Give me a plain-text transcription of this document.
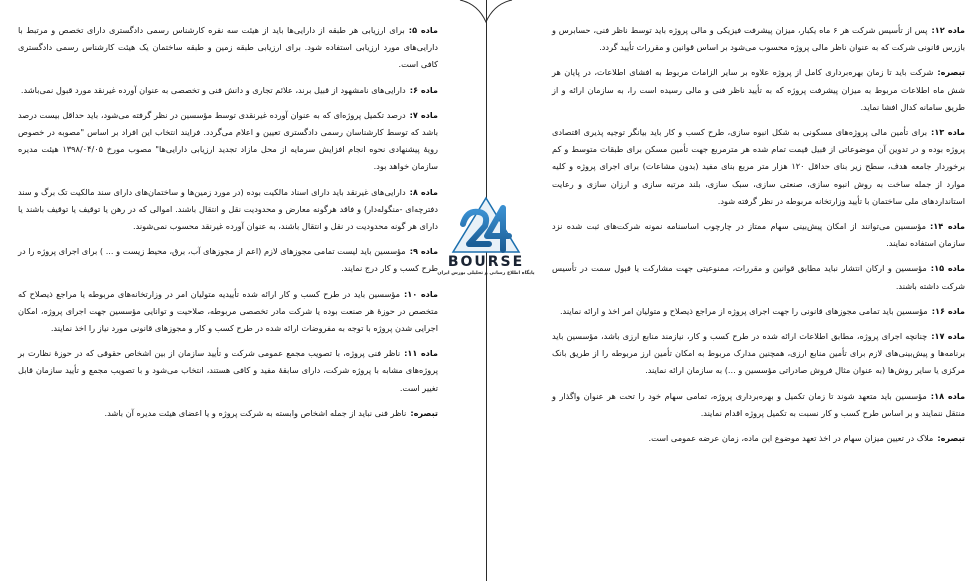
ماده ۱۲:پس از تأسیس شرکت هر ۶ ماه یکبار، میزان پیشرفت فیزیکی و مالی پروژه باید توسط ناظر فنی، حسابرس و بازرس قانونی شرکت که به عنوان ناظر مالی پروژه محسوب می‌شود بر اساس قوانین و مقررات تأیید گردد.

تبصره:شرکت باید تا زمان بهره‌برداری کامل از پروژه علاوه بر سایر الزامات مربوط به افشای اطلاعات، در پایان هر شش ماه اطلاعات مربوط به میزان پیشرفت پروژه که به تأیید ناظر فنی و مالی رسیده است را، به سازمان ارائه و از طریق سامانه کدال افشا نماید.

ماده ۱۳:برای تأمین مالی پروژه‌های مسکونی به شکل انبوه سازی، طرح کسب و کار باید بیانگر توجیه پذیری اقتصادی پروژه بوده و در تدوین آن موضوعاتی از قبیل قیمت تمام شده هر مترمربع جهت تأمین مسکن برای طبقات متوسط و کم برخوردار جامعه هدف، سطح زیر بنای حداقل ۱۲۰ هزار متر مربع بنای مفید (بدون مشاعات) برای اجرای پروژه و کلیه موارد از جمله ساخت به روش انبوه سازی، صنعتی سازی، سبک سازی، بلند مرتبه سازی و ارزان سازی و رعایت استانداردهای ملی ساختمان با تأیید وزارتخانه مربوطه در نظر گرفته شود.

ماده ۱۴:مؤسسین می‌توانند از امکان پیش‌بینی سهام ممتاز در چارچوب اساسنامه نمونه شرکت‌های ثبت شده نزد سازمان استفاده نمایند.

ماده ۱۵:مؤسسین و ارکان انتشار نباید مطابق قوانین و مقررات، ممنوعیتی جهت مشارکت یا قبول سمت در تأسیس شرکت داشته باشند.

ماده ۱۶:مؤسسین باید تمامی مجوزهای قانونی را جهت اجرای پروژه از مراجع ذیصلاح و متولیان امر اخذ و ارائه نمایند.

ماده ۱۷:چنانچه اجرای پروژه، مطابق اطلاعات ارائه شده در طرح کسب و کار، نیازمند منابع ارزی باشد، مؤسسین باید برنامه‌ها و پیش‌بینی‌های لازم برای تأمین منابع ارزی، همچنین مدارک مربوط به امکان تأمین ارز مربوطه را از طریق بانک مرکزی یا سایر روش‌ها (به عنوان مثال فروش صادراتی مؤسسین و ...) به سازمان ارائه نمایند.

ماده ۱۸:مؤسسین باید متعهد شوند تا زمان تکمیل و بهره‌برداری پروژه، تمامی سهام خود را تحت هر عنوان واگذار و منتقل ننمایند و بر اساس طرح کسب و کار نسبت به تکمیل پروژه اقدام نمایند.

تبصره:ملاک در تعیین میزان سهام در اخذ تعهد موضوع این ماده، زمان عرضه عمومی است.

BOURSE
پایگاه اطلاع رسانی و تحلیلی بورس ایران

ماده ۵:برای ارزیابی هر طبقه از دارایی‌ها باید از هیئت سه نفره کارشناس رسمی دادگستری دارای تخصص و مرتبط با دارایی‌های مورد ارزیابی استفاده شود. برای ارزیابی طبقه زمین و طبقه ساختمان یک هیئت کارشناس رسمی دادگستری کافی است.

ماده ۶:دارایی‌های نامشهود از قبیل برند، علائم تجاری و دانش فنی و تخصصی به عنوان آورده غیرنقد مورد قبول نمی‌باشد.

ماده ۷:درصد تکمیل پروژه‌ای که به عنوان آورده غیرنقدی توسط مؤسسین در نظر گرفته می‌شود، باید حداقل بیست درصد باشد که توسط کارشناسان رسمی دادگستری تعیین و اعلام می‌گردد. فرایند انتخاب این افراد بر اساس "مصوبه در خصوص رویهٔ پیشنهادی نحوه انجام افزایش سرمایه از محل مازاد تجدید ارزیابی دارایی‌ها" مصوب مورخ ۱۳۹۸/۰۴/۰۵ هیئت مدیره سازمان خواهد بود.

ماده ۸:دارایی‌های غیرنقد باید دارای اسناد مالکیت بوده (در مورد زمین‌ها و ساختمان‌های دارای سند مالکیت تک برگ و سند دفترچه‌ای -منگوله‌دار) و فاقد هرگونه معارض و محدودیت نقل و انتقال باشند. اموالی که در رهن یا توقیف یا توقیف باشند یا دارای هر گونه محدودیت در نقل و انتقال باشند، به عنوان آورده غیرنقد محسوب نمی‌شوند.

ماده ۹:مؤسسین باید لیست تمامی مجوزهای لازم (اعم از مجوزهای آب، برق، محیط زیست و ... ) برای اجرای پروژه را در طرح کسب و کار درج نمایند.

ماده ۱۰:مؤسسین باید در طرح کسب و کار ارائه شده تأییدیه متولیان امر در وزارتخانه‌های مربوطه یا مراجع ذیصلاح که متخصص در حوزهٔ هر صنعت بوده یا شرکت مادر تخصصی مربوطه، صلاحیت و توانایی مؤسسین جهت اجرای پروژه، امکان اجرایی شدن پروژه با توجه به مفروضات ارائه شده در طرح کسب و کار و مجوزهای قانونی مورد نیاز را اخذ نمایند.

ماده ۱۱:ناظر فنی پروژه، با تصویب مجمع عمومی شرکت و تأیید سازمان از بین اشخاص حقوقی که در حوزهٔ نظارت بر پروژه‌های مشابه با پروژه شرکت، دارای سابقهٔ مفید و کافی هستند، انتخاب می‌شود و با تصویب مجمع و تأیید سازمان قابل تغییر است.

تبصره:ناظر فنی نباید از جمله اشخاص وابسته به شرکت پروژه و یا اعضای هیئت مدیره آن باشد.
